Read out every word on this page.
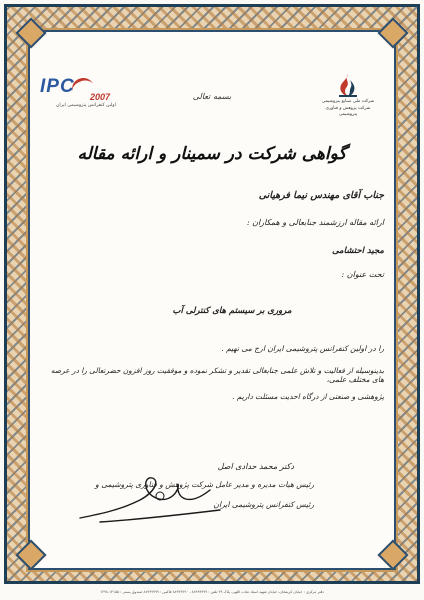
IPC 2007
اولین کنفرانس پتروشیمی ایران
شرکت ملی صنایع پتروشیمی
شرکت پژوهش و فناوری پتروشیمی
بسمه تعالی
گواهی شرکت در سمینار و ارائه مقاله
جناب آقای مهندس نیما فرهیانی
ارائه مقاله ارزشمند جنابعالی و همکاران :
مجید احتشامی
تحت عنوان :
مروری بر سیستم های کنترلی آب
را در اولین کنفرانس پتروشیمی ایران ارج می نهیم .
بدینوسیله از فعالیت و تلاش علمی جنابعالی تقدیر و تشکر نموده و موفقیت روز افزون حضرتعالی را در عرصه های مختلف علمی،
پژوهشی و صنعتی از درگاه احدیت مسئلت داریم .
دکتر محمد حدادی اصل
رئیس هیات مدیره و مدیر عامل شرکت پژوهش و فناوری پتروشیمی و
رئیس کنفرانس پتروشیمی ایران
دفتر مرکزی : خیابان کریمخان، خیابان شهید استاد نجات اللهی، پلاک ۲۹ تلفن : ۸۸۹۹۹۹۹۹ - ۸۸۹۹۹۹۹۰ فاکس : ۸۸۹۹۹۹۹۹ صندوق پستی : ۱۴۱۵۵-۱۴۹۸
